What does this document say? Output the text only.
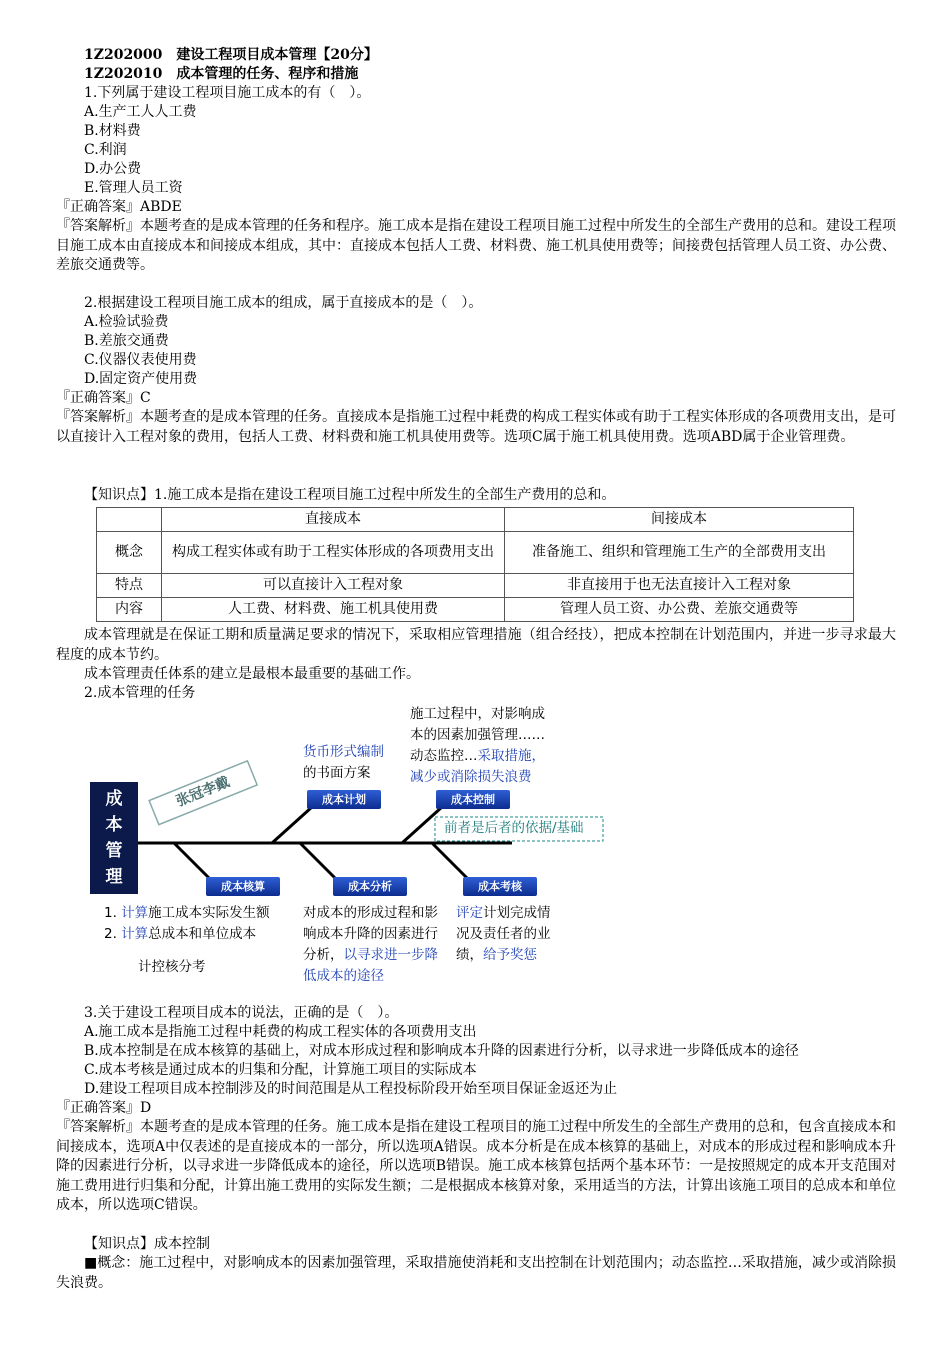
1Z202000　建设工程项目成本管理【20分】
1Z202010　成本管理的任务、程序和措施
1.下列属于建设工程项目施工成本的有（　）。
A.生产工人人工费
B.材料费
C.利润
D.办公费
E.管理人员工资
『正确答案』ABDE
『答案解析』本题考查的是成本管理的任务和程序。施工成本是指在建设工程项目施工过程中所发生的全部生产费用的总和。建设工程项目施工成本由直接成本和间接成本组成，其中：直接成本包括人工费、材料费、施工机具使用费等；间接费包括管理人员工资、办公费、差旅交通费等。
2.根据建设工程项目施工成本的组成，属于直接成本的是（　）。
A.检验试验费
B.差旅交通费
C.仪器仪表使用费
D.固定资产使用费
『正确答案』C
『答案解析』本题考查的是成本管理的任务。直接成本是指施工过程中耗费的构成工程实体或有助于工程实体形成的各项费用支出，是可以直接计入工程对象的费用，包括人工费、材料费和施工机具使用费等。选项C属于施工机具使用费。选项ABD属于企业管理费。
【知识点】1.施工成本是指在建设工程项目施工过程中所发生的全部生产费用的总和。
	直接成本	间接成本
概念	构成工程实体或有助于工程实体形成的各项费用支出	准备施工、组织和管理施工生产的全部费用支出
特点	可以直接计入工程对象	非直接用于也无法直接计入工程对象
内容	人工费、材料费、施工机具使用费	管理人员工资、办公费、差旅交通费等
成本管理就是在保证工期和质量满足要求的情况下，采取相应管理措施（组合经技），把成本控制在计划范围内，并进一步寻求最大程度的成本节约。
成本管理责任体系的建立是最根本最重要的基础工作。
2.成本管理的任务
成
本
管
理
张冠李戴	成本计划	成本控制
成本核算	成本分析	成本考核
货币形式编制
的书面方案
施工过程中，对影响成
本的因素加强管理……
动态监控…采取措施，
减少或消除损失浪费
前者是后者的依据/基础
1. 计算施工成本实际发生额
2. 计算总成本和单位成本
计控核分考
对成本的形成过程和影
响成本升降的因素进行
分析，以寻求进一步降
低成本的途径
评定计划完成情
况及责任者的业
绩，给予奖惩
3.关于建设工程项目成本的说法，正确的是（　）。
A.施工成本是指施工过程中耗费的构成工程实体的各项费用支出
B.成本控制是在成本核算的基础上，对成本形成过程和影响成本升降的因素进行分析，以寻求进一步降低成本的途径
C.成本考核是通过成本的归集和分配，计算施工项目的实际成本
D.建设工程项目成本控制涉及的时间范围是从工程投标阶段开始至项目保证金返还为止
『正确答案』D
『答案解析』本题考查的是成本管理的任务。施工成本是指在建设工程项目的施工过程中所发生的全部生产费用的总和，包含直接成本和间接成本，选项A中仅表述的是直接成本的一部分，所以选项A错误。成本分析是在成本核算的基础上，对成本的形成过程和影响成本升降的因素进行分析，以寻求进一步降低成本的途径，所以选项B错误。施工成本核算包括两个基本环节：一是按照规定的成本开支范围对施工费用进行归集和分配，计算出施工费用的实际发生额；二是根据成本核算对象，采用适当的方法，计算出该施工项目的总成本和单位成本，所以选项C错误。
【知识点】成本控制
■概念：施工过程中，对影响成本的因素加强管理，采取措施使消耗和支出控制在计划范围内；动态监控…采取措施，减少或消除损失浪费。
